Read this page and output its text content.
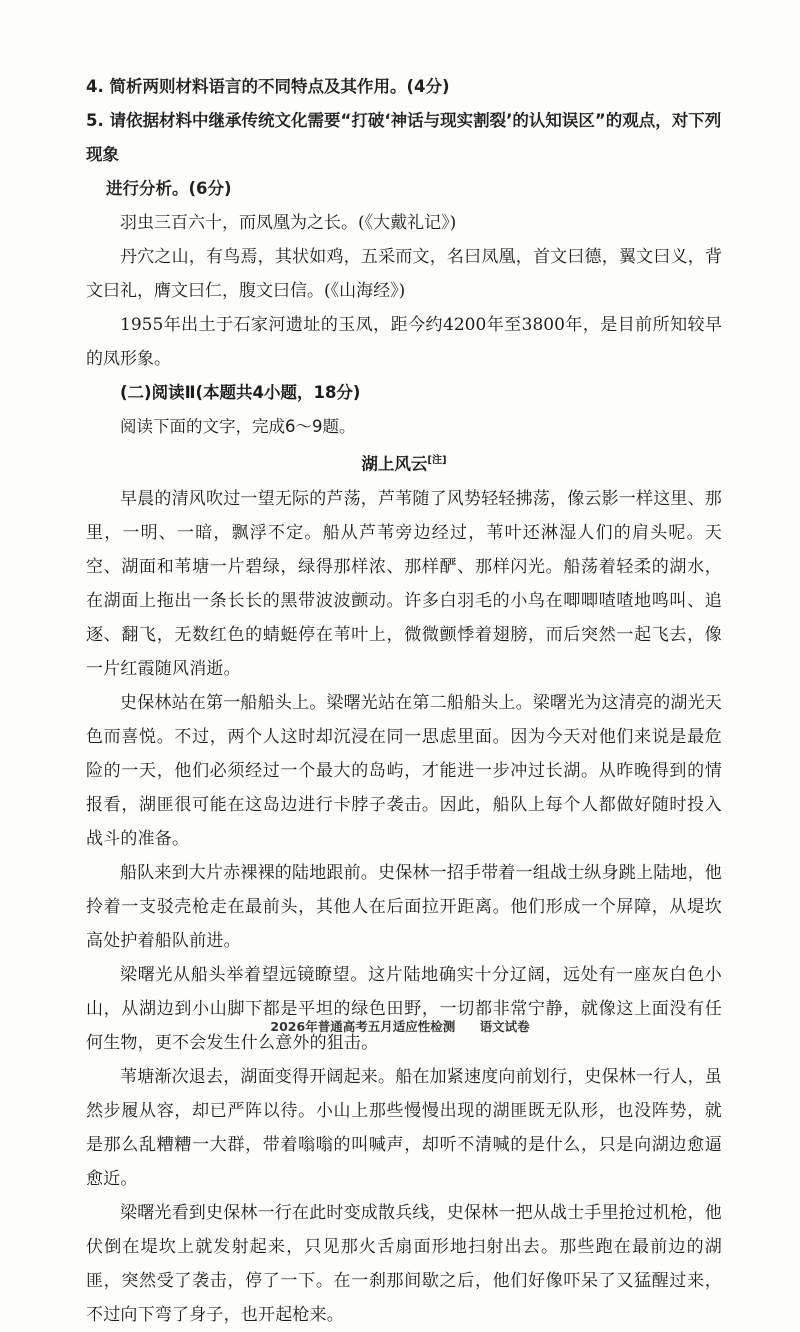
4. 简析两则材料语言的不同特点及其作用。(4分)

5. 请依据材料中继承传统文化需要“打破‘神话与现实割裂’的认知误区”的观点，对下列现象

进行分析。(6分)

羽虫三百六十，而凤凰为之长。(《大戴礼记》)

丹穴之山，有鸟焉，其状如鸡，五采而文，名曰凤凰，首文曰德，翼文曰义，背文曰礼，膺文曰仁，腹文曰信。(《山海经》)

1955年出土于石家河遗址的玉凤，距今约4200年至3800年，是目前所知较早的凤形象。

(二)阅读Ⅱ(本题共4小题，18分)

阅读下面的文字，完成6～9题。

湖上风云[注]

早晨的清风吹过一望无际的芦荡，芦苇随了风势轻轻拂荡，像云影一样这里、那里，一明、一暗，飘浮不定。船从芦苇旁边经过，苇叶还淋湿人们的肩头呢。天空、湖面和苇塘一片碧绿，绿得那样浓、那样酽、那样闪光。船荡着轻柔的湖水，在湖面上拖出一条长长的黑带波波颤动。许多白羽毛的小鸟在唧唧喳喳地鸣叫、追逐、翻飞，无数红色的蜻蜓停在苇叶上，微微颤悸着翅膀，而后突然一起飞去，像一片红霞随风消逝。

史保林站在第一船船头上。梁曙光站在第二船船头上。梁曙光为这清亮的湖光天色而喜悦。不过，两个人这时却沉浸在同一思虑里面。因为今天对他们来说是最危险的一天，他们必须经过一个最大的岛屿，才能进一步冲过长湖。从昨晚得到的情报看，湖匪很可能在这岛边进行卡脖子袭击。因此，船队上每个人都做好随时投入战斗的准备。

船队来到大片赤裸裸的陆地跟前。史保林一招手带着一组战士纵身跳上陆地，他拎着一支驳壳枪走在最前头，其他人在后面拉开距离。他们形成一个屏障，从堤坎高处护着船队前进。

梁曙光从船头举着望远镜瞭望。这片陆地确实十分辽阔，远处有一座灰白色小山，从湖边到小山脚下都是平坦的绿色田野，一切都非常宁静，就像这上面没有任何生物，更不会发生什么意外的狙击。

苇塘渐次退去，湖面变得开阔起来。船在加紧速度向前划行，史保林一行人，虽然步履从容，却已严阵以待。小山上那些慢慢出现的湖匪既无队形，也没阵势，就是那么乱糟糟一大群，带着嗡嗡的叫喊声，却听不清喊的是什么，只是向湖边愈逼愈近。

梁曙光看到史保林一行在此时变成散兵线，史保林一把从战士手里抢过机枪，他伏倒在堤坎上就发射起来，只见那火舌扇面形地扫射出去。那些跑在最前边的湖匪，突然受了袭击，停了一下。在一刹那间歇之后，他们好像吓呆了又猛醒过来，不过向下弯了身子，也开起枪来。

2026年普通高考五月适应性检测 语文试卷
